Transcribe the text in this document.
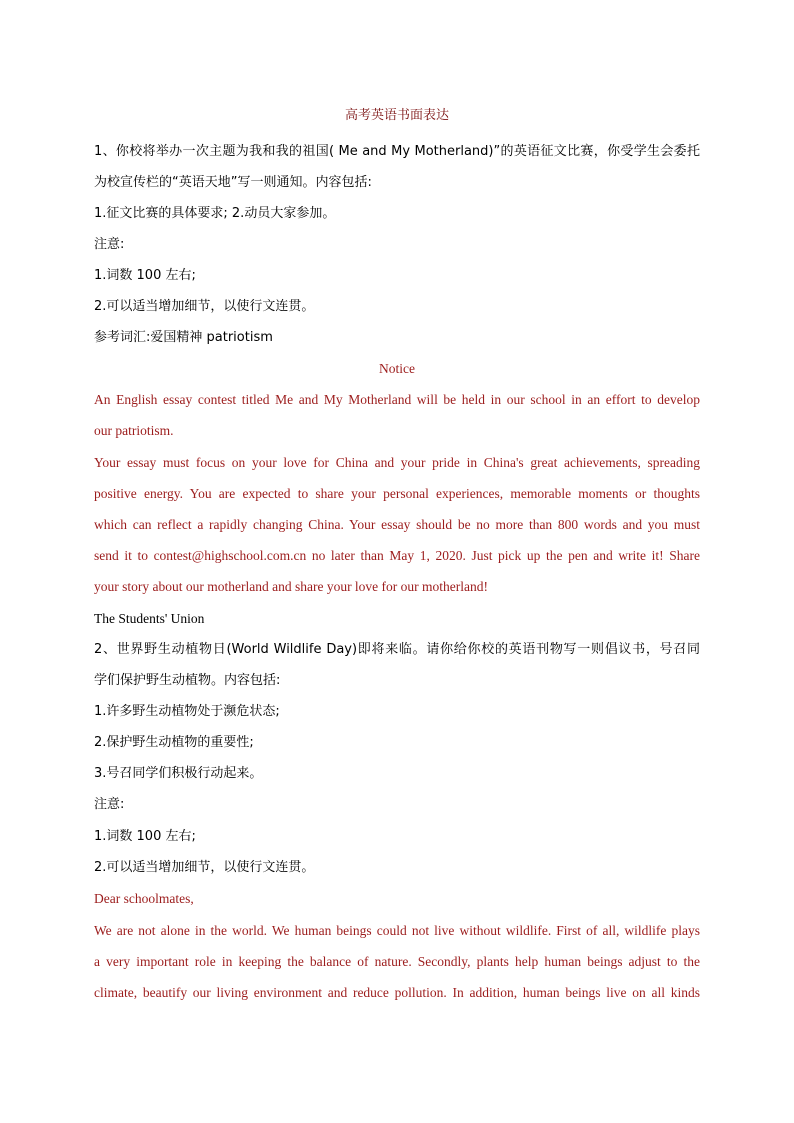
高考英语书面表达
1、你校将举办一次主题为我和我的祖国( Me and My Motherland)”的英语征文比赛，你受学生会委托
为校宣传栏的“英语天地”写一则通知。内容包括:
1.征文比赛的具体要求; 2.动员大家参加。
注意:
1.词数 100 左右;
2.可以适当增加细节，以使行文连贯。
参考词汇:爱国精神 patriotism
Notice
An English essay contest titled Me and My Motherland will be held in our school in an effort to develop
our patriotism.
Your essay must focus on your love for China and your pride in China's great achievements, spreading
positive energy. You are expected to share your personal experiences, memorable moments or thoughts
which can reflect a rapidly changing China. Your essay should be no more than 800 words and you must
send it to contest@highschool.com.cn no later than May 1, 2020. Just pick up the pen and write it! Share
your story about our motherland and share your love for our motherland!
The Students' Union
2、世界野生动植物日(World Wildlife Day)即将来临。请你给你校的英语刊物写一则倡议书，号召同
学们保护野生动植物。内容包括:
1.许多野生动植物处于濒危状态;
2.保护野生动植物的重要性;
3.号召同学们积极行动起来。
注意:
1.词数 100 左右;
2.可以适当增加细节，以使行文连贯。
Dear schoolmates,
We are not alone in the world. We human beings could not live without wildlife. First of all, wildlife plays
a very important role in keeping the balance of nature. Secondly, plants help human beings adjust to the
climate, beautify our living environment and reduce pollution. In addition, human beings live on all kinds
